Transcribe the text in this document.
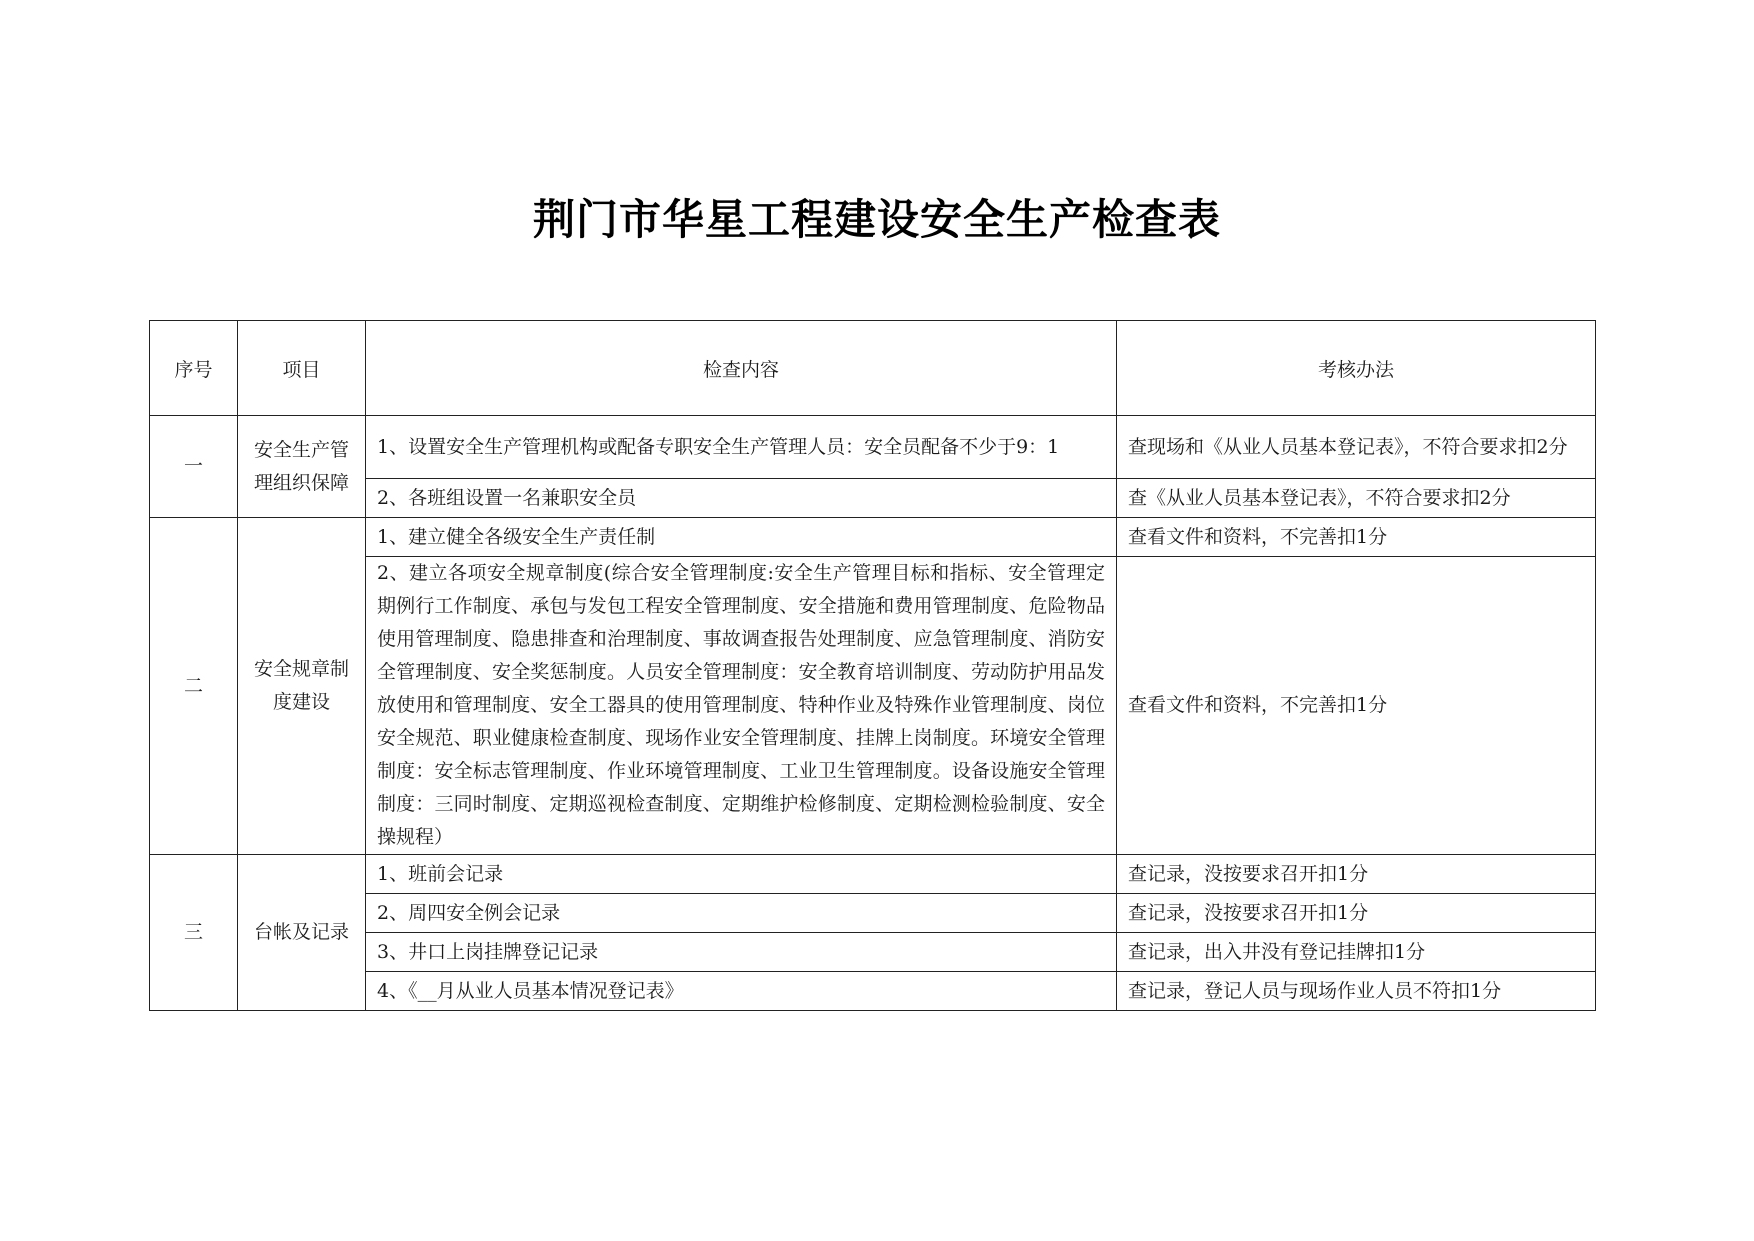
荆门市华星工程建设安全生产检查表
序号	项目	检查内容	考核办法
一	安全生产管理组织保障	1、设置安全生产管理机构或配备专职安全生产管理人员：安全员配备不少于9：1	查现场和《从业人员基本登记表》，不符合要求扣2分
		2、各班组设置一名兼职安全员	查《从业人员基本登记表》，不符合要求扣2分
二	安全规章制度建设	1、建立健全各级安全生产责任制	查看文件和资料，不完善扣1分
		2、建立各项安全规章制度(综合安全管理制度:安全生产管理目标和指标、安全管理定期例行工作制度、承包与发包工程安全管理制度、安全措施和费用管理制度、危险物品使用管理制度、隐患排查和治理制度、事故调查报告处理制度、应急管理制度、消防安全管理制度、安全奖惩制度。人员安全管理制度：安全教育培训制度、劳动防护用品发放使用和管理制度、安全工器具的使用管理制度、特种作业及特殊作业管理制度、岗位安全规范、职业健康检查制度、现场作业安全管理制度、挂牌上岗制度。环境安全管理制度：安全标志管理制度、作业环境管理制度、工业卫生管理制度。设备设施安全管理制度：三同时制度、定期巡视检查制度、定期维护检修制度、定期检测检验制度、安全操规程）	查看文件和资料，不完善扣1分
三	台帐及记录	1、班前会记录	查记录，没按要求召开扣1分
		2、周四安全例会记录	查记录，没按要求召开扣1分
		3、井口上岗挂牌登记记录	查记录，出入井没有登记挂牌扣1分
		4、《__月从业人员基本情况登记表》	查记录，登记人员与现场作业人员不符扣1分
